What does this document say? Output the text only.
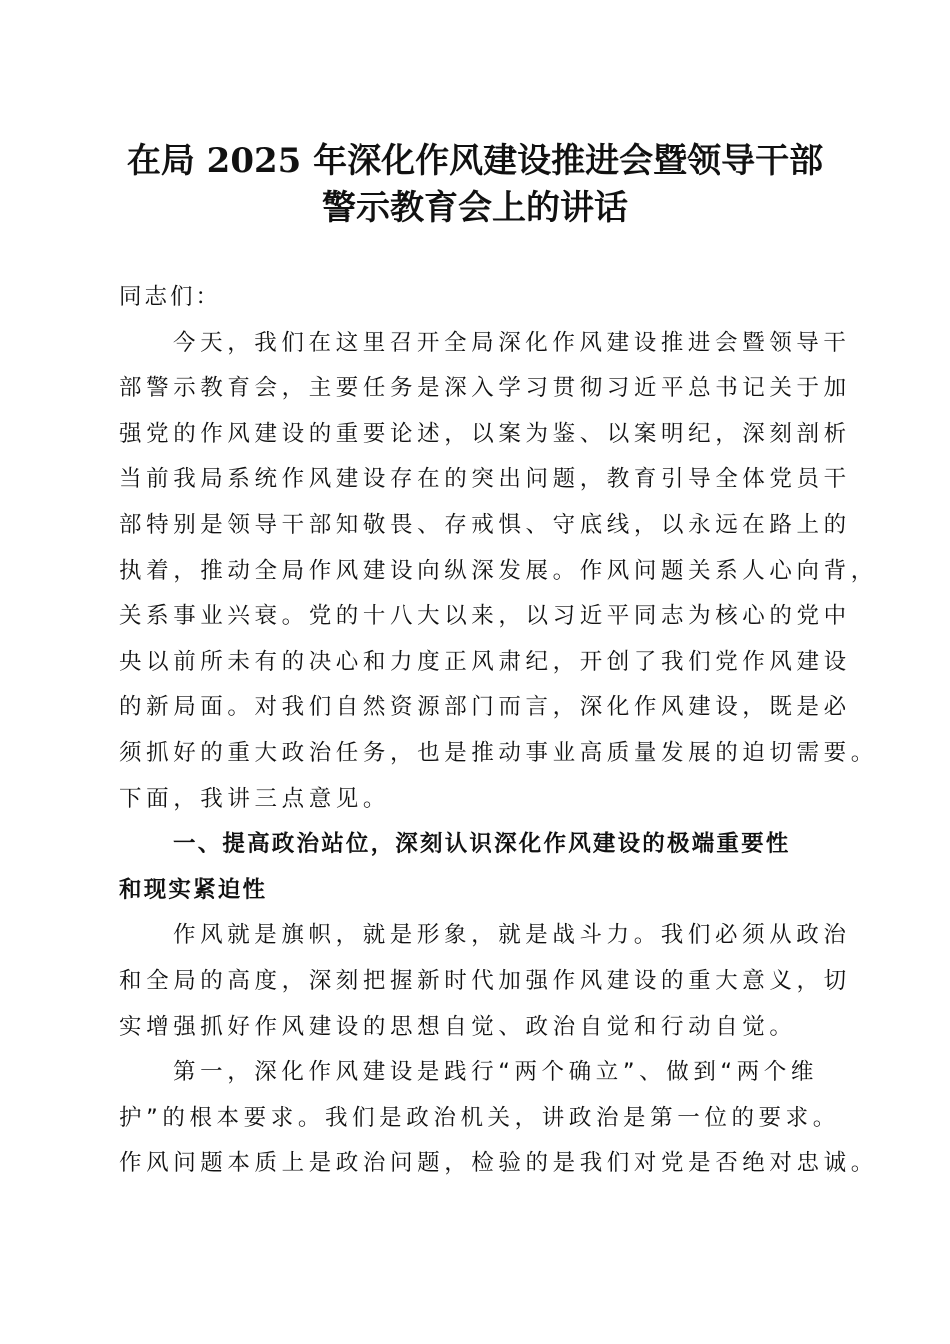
在局 2025 年深化作风建设推进会暨领导干部
警示教育会上的讲话
同志们：
今天，我们在这里召开全局深化作风建设推进会暨领导干
部警示教育会，主要任务是深入学习贯彻习近平总书记关于加
强党的作风建设的重要论述，以案为鉴、以案明纪，深刻剖析
当前我局系统作风建设存在的突出问题，教育引导全体党员干
部特别是领导干部知敬畏、存戒惧、守底线，以永远在路上的
执着，推动全局作风建设向纵深发展。作风问题关系人心向背，
关系事业兴衰。党的十八大以来，以习近平同志为核心的党中
央以前所未有的决心和力度正风肃纪，开创了我们党作风建设
的新局面。对我们自然资源部门而言，深化作风建设，既是必
须抓好的重大政治任务，也是推动事业高质量发展的迫切需要。
下面，我讲三点意见。
一、提高政治站位，深刻认识深化作风建设的极端重要性
和现实紧迫性
作风就是旗帜，就是形象，就是战斗力。我们必须从政治
和全局的高度，深刻把握新时代加强作风建设的重大意义，切
实增强抓好作风建设的思想自觉、政治自觉和行动自觉。
第一，深化作风建设是践行“两个确立”、做到“两个维
护”的根本要求。我们是政治机关，讲政治是第一位的要求。
作风问题本质上是政治问题，检验的是我们对党是否绝对忠诚。
